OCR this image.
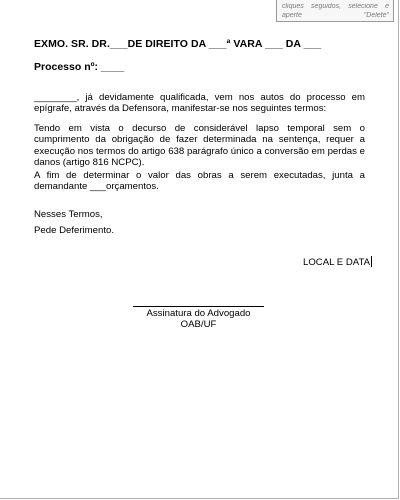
cliques seguidos, selecione e
aperte "Delete"
EXMO. SR. DR.___DE DIREITO DA ___ª VARA ___ DA ___
Processo nº: ____
________, já devidamente qualificada, vem nos autos do processo em epígrafe, através da Defensora, manifestar-se nos seguintes termos:
Tendo em vista o decurso de considerável lapso temporal sem o cumprimento da obrigação de fazer determinada na sentença, requer a execução nos termos do artigo 638 parágrafo único a conversão em perdas e danos (artigo 816 NCPC).
A fim de determinar o valor das obras a serem executadas, junta a demandante ___orçamentos.
Nesses Termos,
Pede Deferimento.
LOCAL E DATA
Assinatura do Advogado
OAB/UF
